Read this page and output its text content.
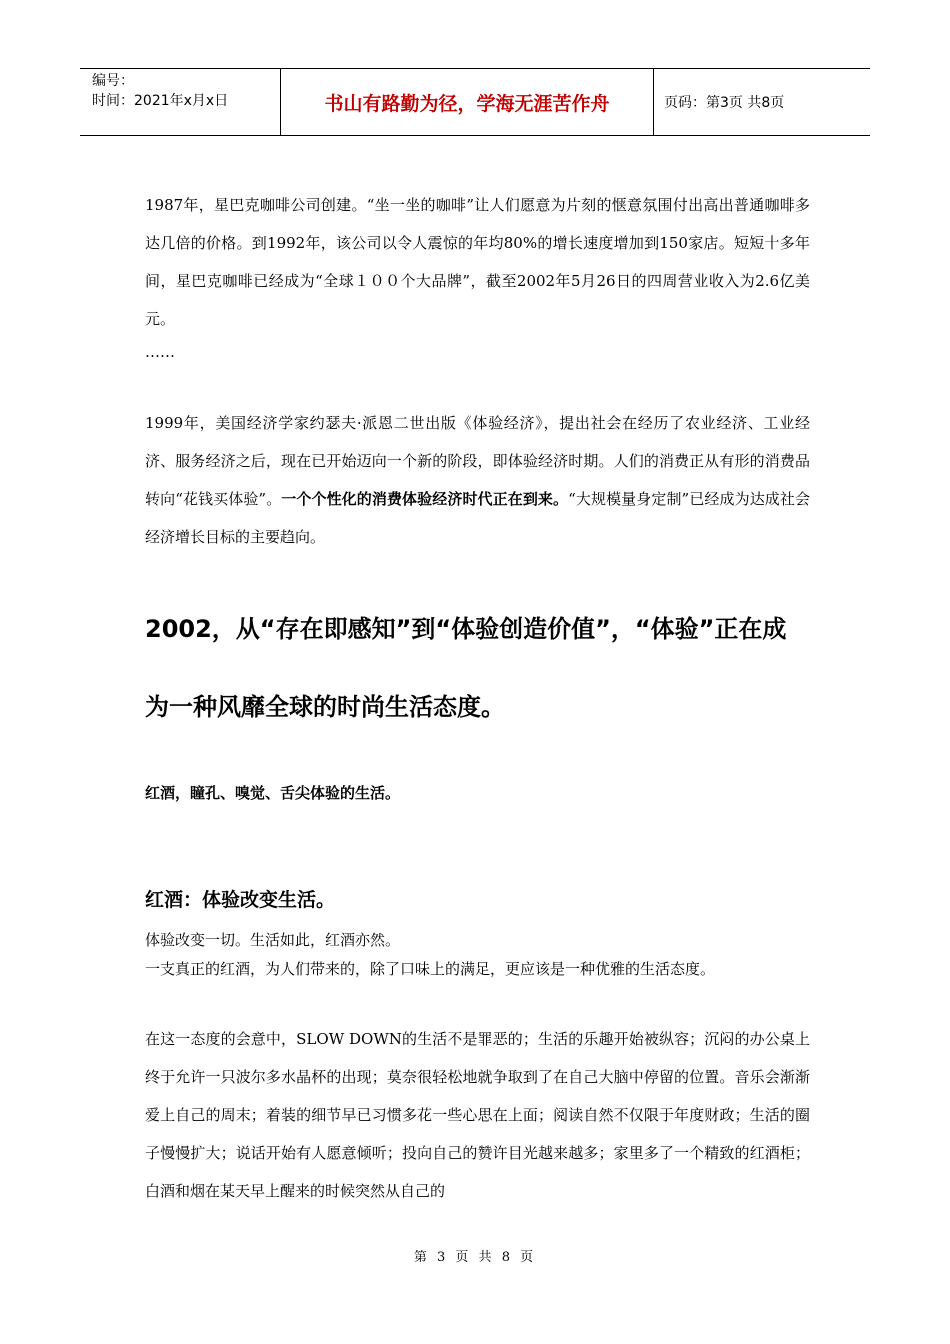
编号：
时间：2021年x月x日	书山有路勤为径，学海无涯苦作舟	页码：第3页 共8页

1987年，星巴克咖啡公司创建。“坐一坐的咖啡”让人们愿意为片刻的惬意氛围付出高出普通咖啡多达几倍的价格。到1992年，该公司以令人震惊的年均80%的增长速度增加到150家店。短短十多年间，星巴克咖啡已经成为“全球１００个大品牌”，截至2002年5月26日的四周营业收入为2.6亿美元。

……

1999年，美国经济学家约瑟夫·派恩二世出版《体验经济》，提出社会在经历了农业经济、工业经济、服务经济之后，现在已开始迈向一个新的阶段，即体验经济时期。人们的消费正从有形的消费品转向“花钱买体验”。一个个性化的消费体验经济时代正在到来。“大规模量身定制”已经成为达成社会经济增长目标的主要趋向。

2002，从“存在即感知”到“体验创造价值”，“体验”正在成为一种风靡全球的时尚生活态度。

红酒，瞳孔、嗅觉、舌尖体验的生活。

红酒：体验改变生活。

体验改变一切。生活如此，红酒亦然。

一支真正的红酒，为人们带来的，除了口味上的满足，更应该是一种优雅的生活态度。

在这一态度的会意中，SLOW DOWN的生活不是罪恶的；生活的乐趣开始被纵容；沉闷的办公桌上终于允许一只波尔多水晶杯的出现；莫奈很轻松地就争取到了在自己大脑中停留的位置。音乐会渐渐爱上自己的周末；着装的细节早已习惯多花一些心思在上面；阅读自然不仅限于年度财政；生活的圈子慢慢扩大；说话开始有人愿意倾听；投向自己的赞许目光越来越多；家里多了一个精致的红酒柜；白酒和烟在某天早上醒来的时候突然从自己的

第 3 页 共 8 页
